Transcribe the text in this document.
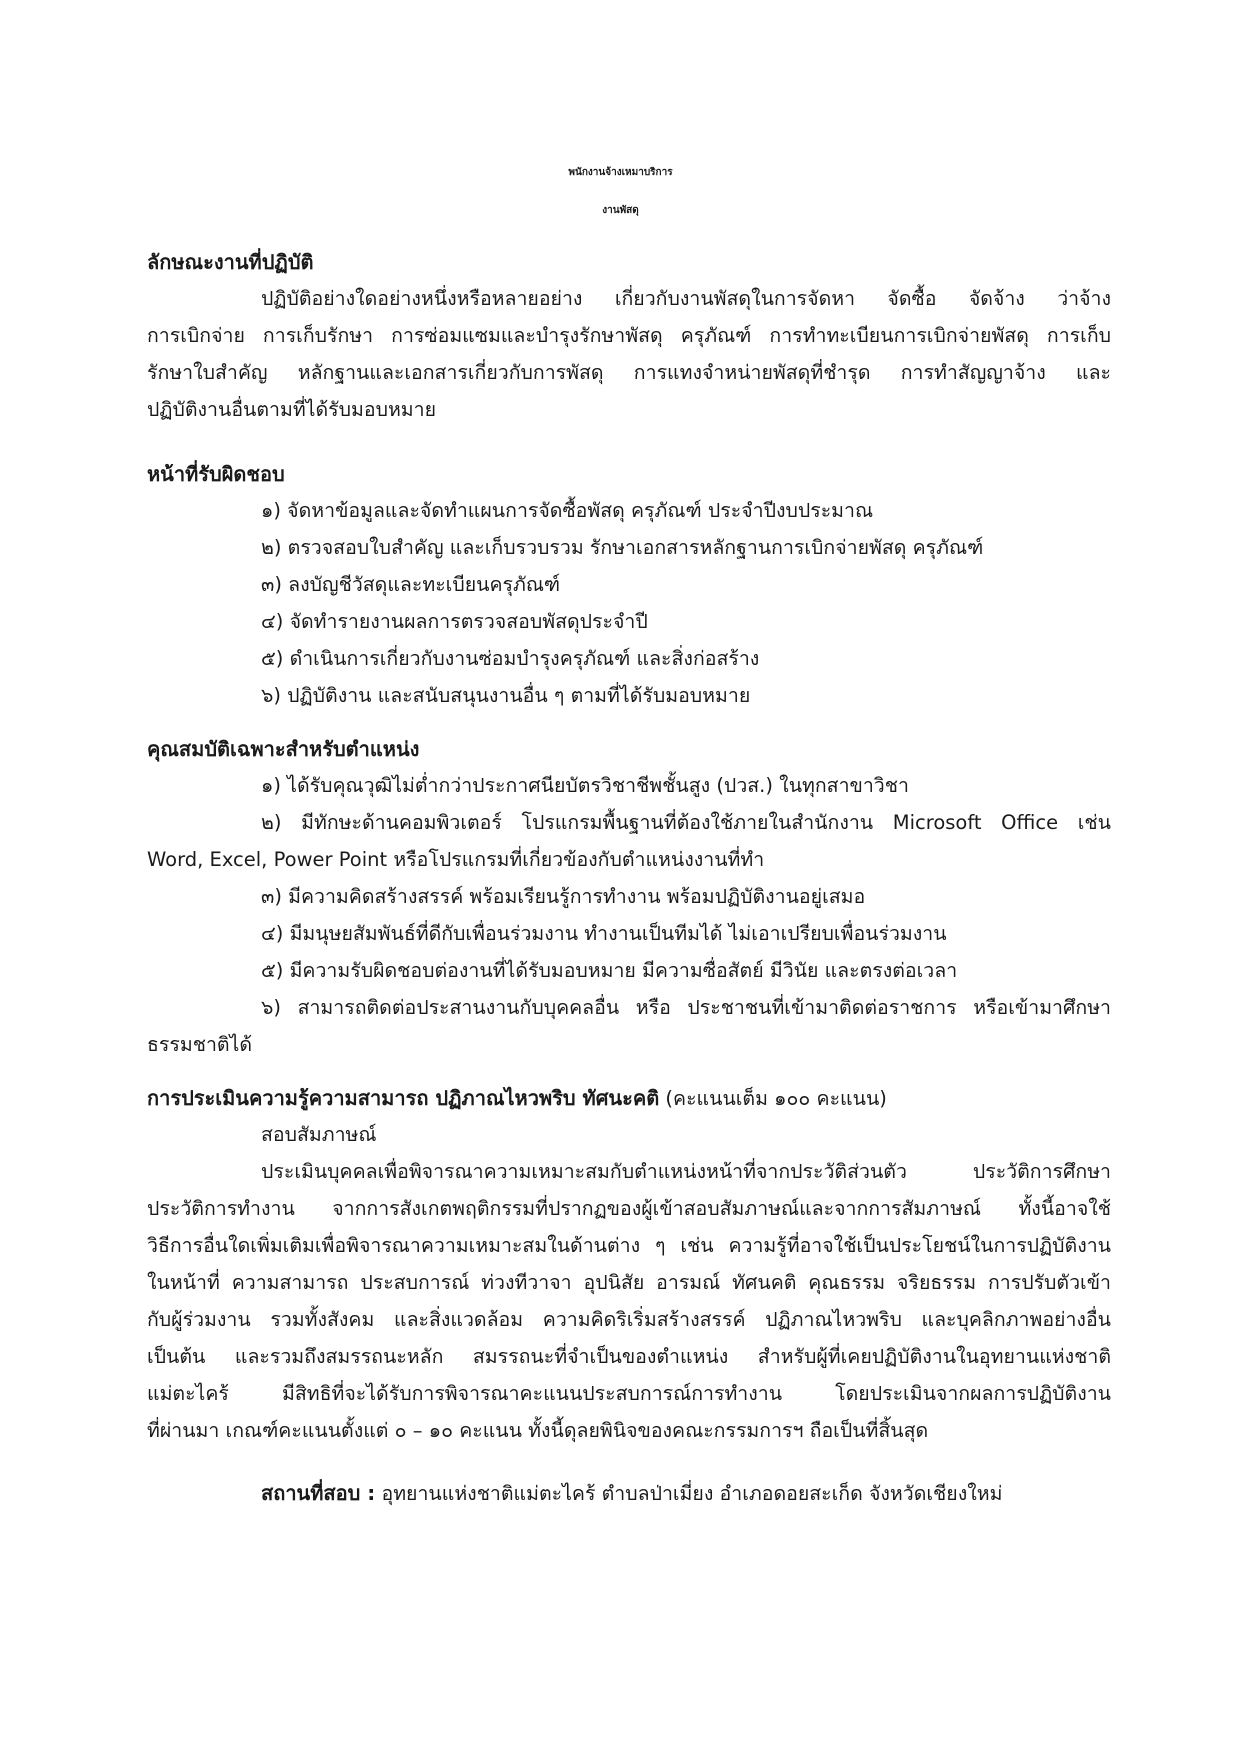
พนักงานจ้างเหมาบริการ
งานพัสดุ
ลักษณะงานที่ปฏิบัติ
ปฏิบัติอย่างใดอย่างหนึ่งหรือหลายอย่าง เกี่ยวกับงานพัสดุในการจัดหา จัดซื้อ จัดจ้าง ว่าจ้าง
การเบิกจ่าย การเก็บรักษา การซ่อมแซมและบำรุงรักษาพัสดุ ครุภัณฑ์ การทำทะเบียนการเบิกจ่ายพัสดุ การเก็บ
รักษาใบสำคัญ หลักฐานและเอกสารเกี่ยวกับการพัสดุ การแทงจำหน่ายพัสดุที่ชำรุด การทำสัญญาจ้าง และ
ปฏิบัติงานอื่นตามที่ได้รับมอบหมาย
หน้าที่รับผิดชอบ
๑) จัดหาข้อมูลและจัดทำแผนการจัดซื้อพัสดุ ครุภัณฑ์ ประจำปีงบประมาณ
๒) ตรวจสอบใบสำคัญ และเก็บรวบรวม รักษาเอกสารหลักฐานการเบิกจ่ายพัสดุ ครุภัณฑ์
๓) ลงบัญชีวัสดุและทะเบียนครุภัณฑ์
๔) จัดทำรายงานผลการตรวจสอบพัสดุประจำปี
๕) ดำเนินการเกี่ยวกับงานซ่อมบำรุงครุภัณฑ์ และสิ่งก่อสร้าง
๖) ปฏิบัติงาน และสนับสนุนงานอื่น ๆ ตามที่ได้รับมอบหมาย
คุณสมบัติเฉพาะสำหรับตำแหน่ง
๑) ได้รับคุณวุฒิไม่ต่ำกว่าประกาศนียบัตรวิชาชีพชั้นสูง (ปวส.) ในทุกสาขาวิชา
๒) มีทักษะด้านคอมพิวเตอร์ โปรแกรมพื้นฐานที่ต้องใช้ภายในสำนักงาน Microsoft Office เช่น
Word, Excel, Power Point หรือโปรแกรมที่เกี่ยวข้องกับตำแหน่งงานที่ทำ
๓) มีความคิดสร้างสรรค์ พร้อมเรียนรู้การทำงาน พร้อมปฏิบัติงานอยู่เสมอ
๔) มีมนุษยสัมพันธ์ที่ดีกับเพื่อนร่วมงาน ทำงานเป็นทีมได้ ไม่เอาเปรียบเพื่อนร่วมงาน
๕) มีความรับผิดชอบต่องานที่ได้รับมอบหมาย มีความซื่อสัตย์ มีวินัย และตรงต่อเวลา
๖) สามารถติดต่อประสานงานกับบุคคลอื่น หรือ ประชาชนที่เข้ามาติดต่อราชการ หรือเข้ามาศึกษา
ธรรมชาติได้
การประเมินความรู้ความสามารถ ปฏิภาณไหวพริบ ทัศนะคติ (คะแนนเต็ม ๑๐๐ คะแนน)
สอบสัมภาษณ์
ประเมินบุคคลเพื่อพิจารณาความเหมาะสมกับตำแหน่งหน้าที่จากประวัติส่วนตัว ประวัติการศึกษา
ประวัติการทำงาน จากการสังเกตพฤติกรรมที่ปรากฏของผู้เข้าสอบสัมภาษณ์และจากการสัมภาษณ์ ทั้งนี้อาจใช้
วิธีการอื่นใดเพิ่มเติมเพื่อพิจารณาความเหมาะสมในด้านต่าง ๆ เช่น ความรู้ที่อาจใช้เป็นประโยชน์ในการปฏิบัติงาน
ในหน้าที่ ความสามารถ ประสบการณ์ ท่วงทีวาจา อุปนิสัย อารมณ์ ทัศนคติ คุณธรรม จริยธรรม การปรับตัวเข้า
กับผู้ร่วมงาน รวมทั้งสังคม และสิ่งแวดล้อม ความคิดริเริ่มสร้างสรรค์ ปฏิภาณไหวพริบ และบุคลิกภาพอย่างอื่น
เป็นต้น และรวมถึงสมรรถนะหลัก สมรรถนะที่จำเป็นของตำแหน่ง สำหรับผู้ที่เคยปฏิบัติงานในอุทยานแห่งชาติ
แม่ตะไคร้ มีสิทธิที่จะได้รับการพิจารณาคะแนนประสบการณ์การทำงาน โดยประเมินจากผลการปฏิบัติงาน
ที่ผ่านมา เกณฑ์คะแนนตั้งแต่ ๐ – ๑๐ คะแนน ทั้งนี้ดุลยพินิจของคณะกรรมการฯ ถือเป็นที่สิ้นสุด
สถานที่สอบ : อุทยานแห่งชาติแม่ตะไคร้ ตำบลป่าเมี่ยง อำเภอดอยสะเก็ด จังหวัดเชียงใหม่
